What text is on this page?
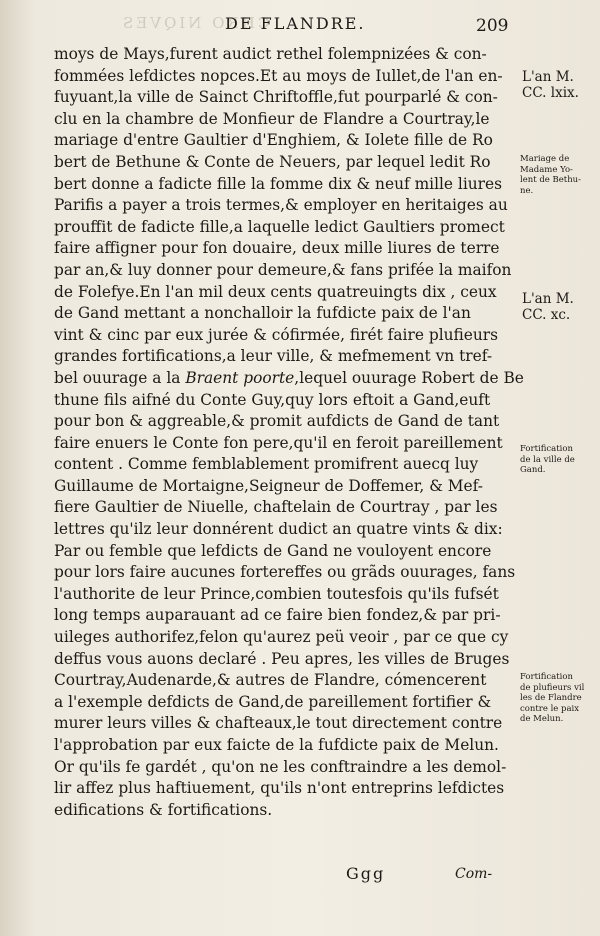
CHRO NIQVES
DE FLANDRE.	209
moys de Mays,furent audict rethel folempnizées & con-
fommées lefdictes nopces.Et au moys de Iullet,de l'an en-
fuyuant,la ville de Sainct Chriftoffle,fut pourparlé & con-
clu en la chambre de Monfieur de Flandre a Courtray,le
mariage d'entre Gaultier d'Enghiem, & Iolete fille de Ro
bert de Bethune & Conte de Neuers, par lequel ledit Ro
bert donne a fadicte fille la fomme dix & neuf mille liures
Parifis a payer a trois termes,& employer en heritaiges au
prouffit de fadicte fille,a laquelle ledict Gaultiers promect
faire affigner pour fon douaire, deux mille liures de terre
par an,& luy donner pour demeure,& fans prifée la maifon
de Folefye.En l'an mil deux cents quatreuingts dix , ceux
de Gand mettant a nonchalloir la fufdicte paix de l'an
vint & cinc par eux jurée & cófirmée, firét faire plufieurs
grandes fortifications,a leur ville, & mefmement vn tref-
bel ouurage a la Braent poorte,lequel ouurage Robert de Be
thune fils aifné du Conte Guy,quy lors eftoit a Gand,euft
pour bon & aggreable,& promit aufdicts de Gand de tant
faire enuers le Conte fon pere,qu'il en feroit pareillement
content . Comme femblablement promifrent auecq luy
Guillaume de Mortaigne,Seigneur de Doffemer, & Mef-
fiere Gaultier de Niuelle, chaftelain de Courtray , par les
lettres qu'ilz leur donnérent dudict an quatre vints & dix:
Par ou femble que lefdicts de Gand ne vouloyent encore
pour lors faire aucunes fortereffes ou grãds ouurages, fans
l'authorite de leur Prince,combien toutesfois qu'ils fufsét
long temps auparauant ad ce faire bien fondez,& par pri-
uileges authorifez,felon qu'aurez peü veoir , par ce que cy
deffus vous auons declaré . Peu apres, les villes de Bruges
Courtray,Audenarde,& autres de Flandre, cómencerent
a l'exemple defdicts de Gand,de pareillement fortifier &
murer leurs villes & chafteaux,le tout directement contre
l'approbation par eux faicte de la fufdicte paix de Melun.
Or qu'ils fe gardét , qu'on ne les conftraindre a les demol-
lir affez plus haftiuement, qu'ils n'ont entreprins lefdictes
edifications & fortifications.
L'an M.
CC. lxix.
Mariage de
Madame Yo-
lent de Bethu-
ne.
L'an M.
CC. xc.
Fortification
de la ville de
Gand.
Fortification
de plufieurs vil
les de Flandre
contre le paix
de Melun.
Ggg	Com-
